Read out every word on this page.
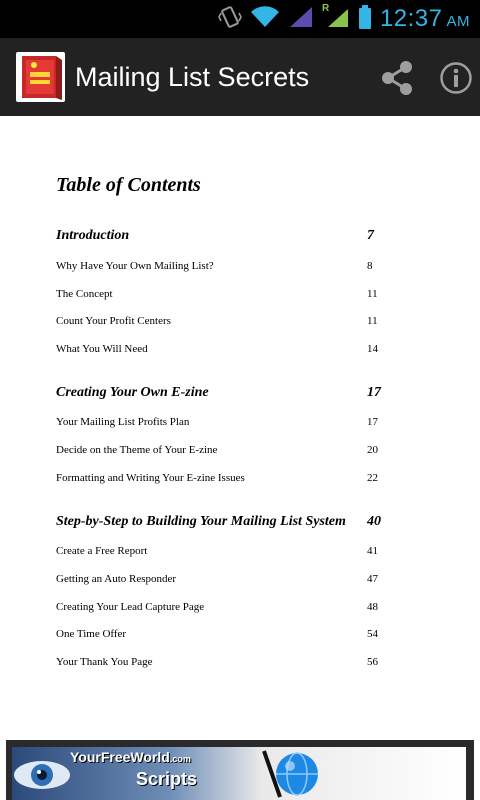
R 12:37 AM
Mailing List Secrets
Table of Contents
Introduction	7
Why Have Your Own Mailing List?	8
The Concept	11
Count Your Profit Centers	11
What You Will Need	14
Creating Your Own E-zine	17
Your Mailing List Profits Plan	17
Decide on the Theme of Your E-zine	20
Formatting and Writing Your E-zine Issues	22
Step-by-Step to Building Your Mailing List System 40
Create a Free Report	41
Getting an Auto Responder	47
Creating Your Lead Capture Page	48
One Time Offer	54
Your Thank You Page	56
YourFreeWorld.com
Scripts
